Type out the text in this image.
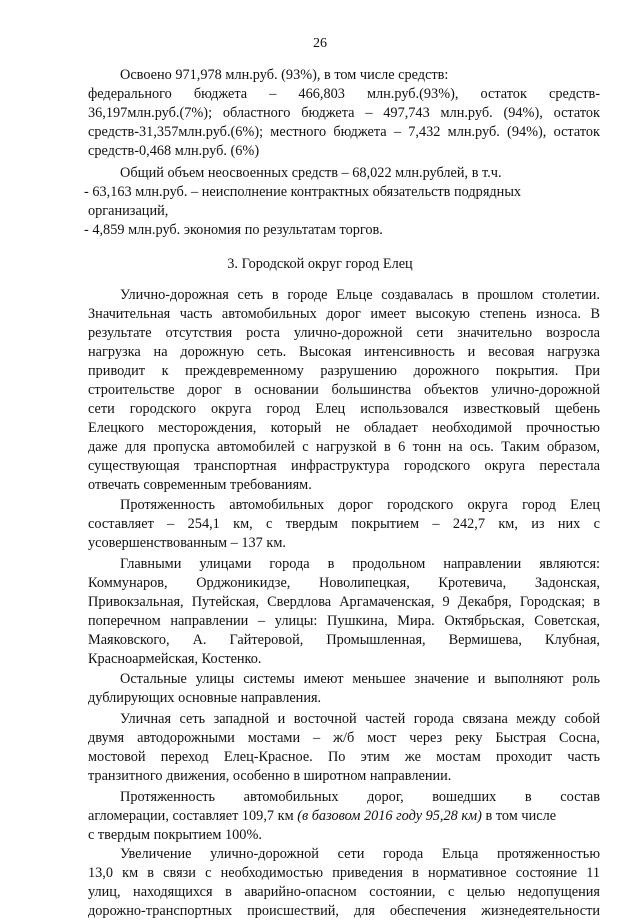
26
Освоено 971,978 млн.руб. (93%), в том числе средств:
федерального бюджета – 466,803 млн.руб.(93%), остаток средств-
36,197млн.руб.(7%); областного бюджета – 497,743 млн.руб. (94%), остаток
средств-31,357млн.руб.(6%); местного бюджета – 7,432 млн.руб. (94%), остаток
средств-0,468 млн.руб. (6%)
Общий объем неосвоенных средств – 68,022 млн.рублей, в т.ч.
- 63,163 млн.руб. – неисполнение контрактных обязательств подрядных
организаций,
- 4,859 млн.руб. экономия по результатам торгов.
3. Городской округ город Елец
Улично-дорожная сеть в городе Ельце создавалась в прошлом столетии.
Значительная часть автомобильных дорог имеет высокую степень износа. В
результате отсутствия роста улично-дорожной сети значительно возросла
нагрузка на дорожную сеть. Высокая интенсивность и весовая нагрузка
приводит к преждевременному разрушению дорожного покрытия. При
строительстве дорог в основании большинства объектов улично-дорожной
сети городского округа город Елец использовался известковый щебень
Елецкого месторождения, который не обладает необходимой прочностью
даже для пропуска автомобилей с нагрузкой в 6 тонн на ось. Таким образом,
существующая транспортная инфраструктура городского округа перестала
отвечать современным требованиям.
Протяженность автомобильных дорог городского округа город Елец
составляет – 254,1 км, с твердым покрытием – 242,7 км, из них с
усовершенствованным – 137 км.
Главными улицами города в продольном направлении являются:
Коммунаров, Орджоникидзе, Новолипецкая, Кротевича, Задонская,
Привокзальная, Путейская, Свердлова Аргамаченская, 9 Декабря, Городская; в
поперечном направлении – улицы: Пушкина, Мира. Октябрьская, Советская,
Маяковского, А. Гайтеровой, Промышленная, Вермишева, Клубная,
Красноармейская, Костенко.
Остальные улицы системы имеют меньшее значение и выполняют роль
дублирующих основные направления.
Уличная сеть западной и восточной частей города связана между собой
двумя автодорожными мостами – ж/б мост через реку Быстрая Сосна,
мостовой переход Елец-Красное. По этим же мостам проходит часть
транзитного движения, особенно в широтном направлении.
Протяженность автомобильных дорог, вошедших в состав
агломерации, составляет 109,7 км (в базовом 2016 году 95,28 км) в том числе
с твердым покрытием 100%.
Увеличение улично-дорожной сети города Ельца протяженностью
13,0 км в связи с необходимостью приведения в нормативное состояние 11
улиц, находящихся в аварийно-опасном состоянии, с целью недопущения
дорожно-транспортных происшествий, для обеспечения жизнедеятельности
